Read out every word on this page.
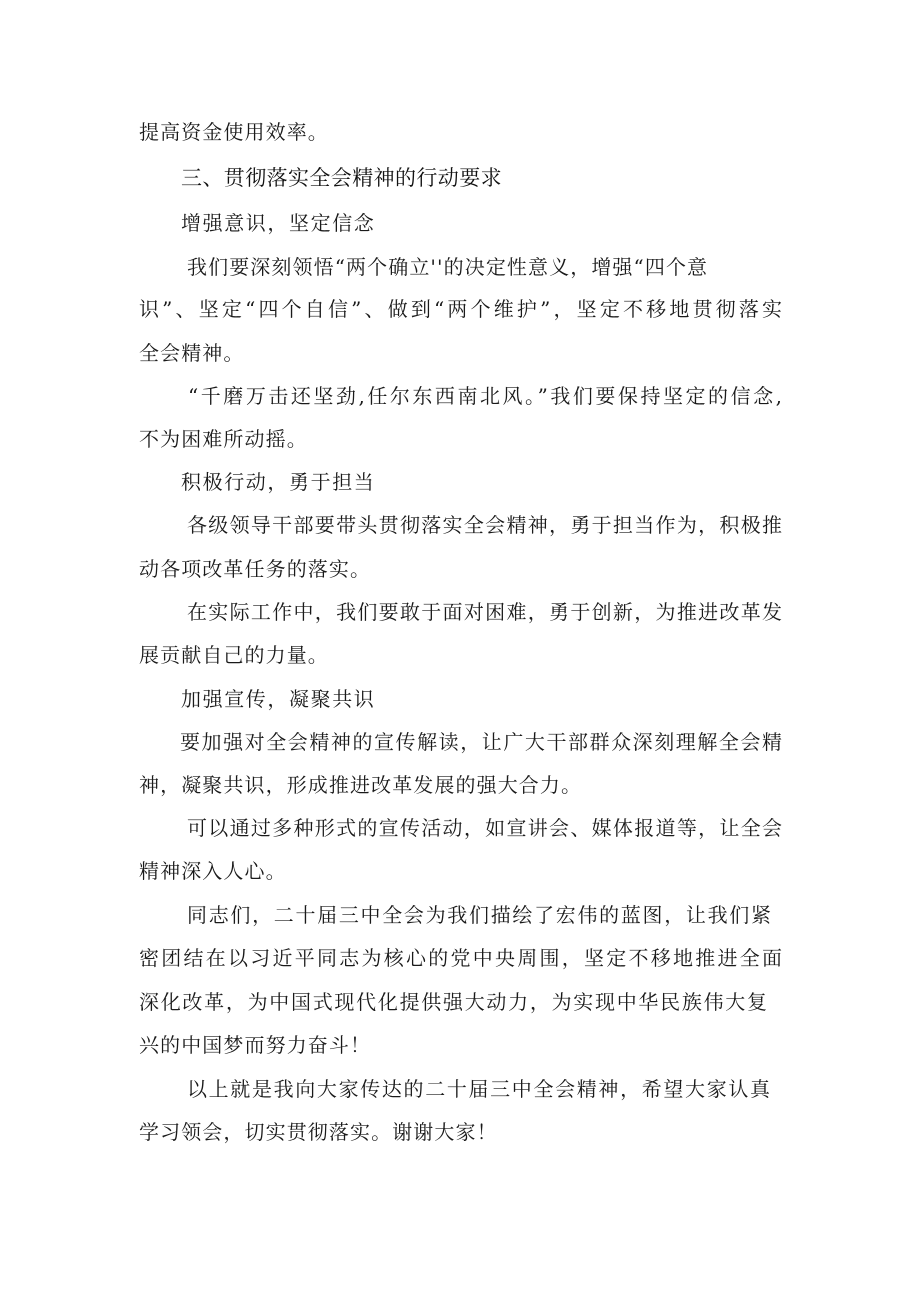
提高资金使用效率。

三、贯彻落实全会精神的行动要求

增强意识，坚定信念

我们要深刻领悟“两个确立''的决定性意义，增强“四个意

识”、坚定“四个自信”、做到“两个维护”，坚定不移地贯彻落实

全会精神。

“千磨万击还坚劲,任尔东西南北风。”我们要保持坚定的信念,

不为困难所动摇。

积极行动，勇于担当

各级领导干部要带头贯彻落实全会精神，勇于担当作为，积极推

动各项改革任务的落实。

在实际工作中，我们要敢于面对困难，勇于创新，为推进改革发

展贡献自己的力量。

加强宣传，凝聚共识

要加强对全会精神的宣传解读，让广大干部群众深刻理解全会精

神，凝聚共识，形成推进改革发展的强大合力。

可以通过多种形式的宣传活动，如宣讲会、媒体报道等，让全会

精神深入人心。

同志们，二十届三中全会为我们描绘了宏伟的蓝图，让我们紧

密团结在以习近平同志为核心的党中央周围，坚定不移地推进全面

深化改革，为中国式现代化提供强大动力，为实现中华民族伟大复

兴的中国梦而努力奋斗！

以上就是我向大家传达的二十届三中全会精神，希望大家认真

学习领会，切实贯彻落实。谢谢大家！
